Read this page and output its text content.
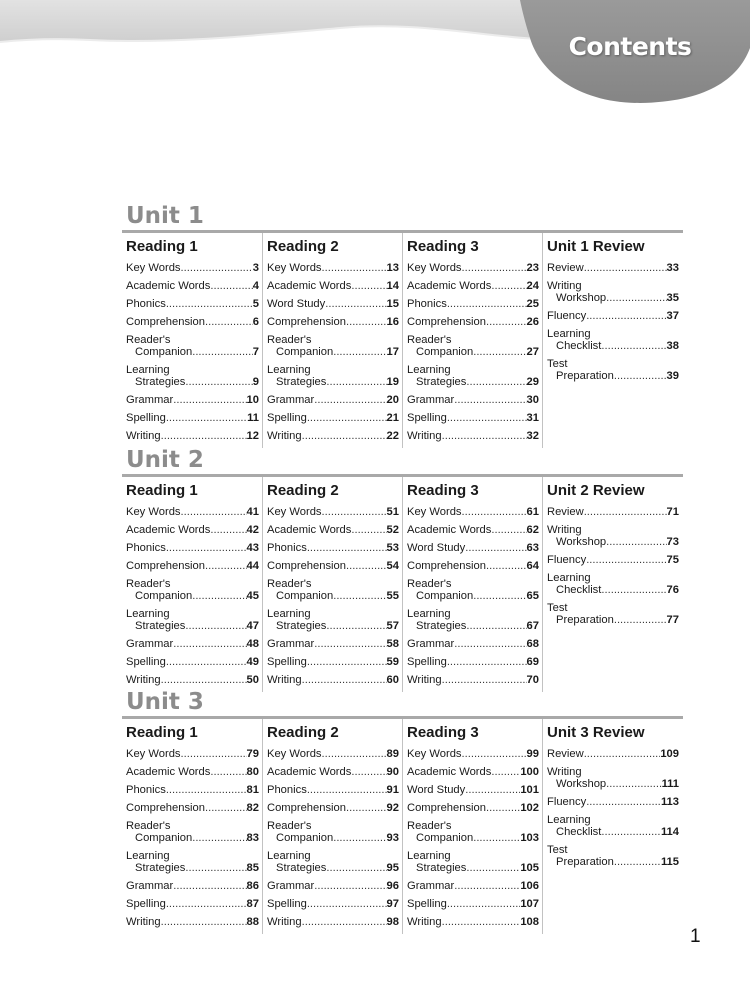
Contents
Unit 1
Reading 1
Key Words .....	3
Academic Words .....	4
Phonics .....	5
Comprehension .....	6
Reader's
Companion .....	7
Learning
Strategies .....	9
Grammar .....	10
Spelling .....	11
Writing .....	12
Reading 2
Key Words .....	13
Academic Words .....	14
Word Study .....	15
Comprehension .....	16
Reader's
Companion .....	17
Learning
Strategies .....	19
Grammar .....	20
Spelling .....	21
Writing .....	22
Reading 3
Key Words .....	23
Academic Words .....	24
Phonics .....	25
Comprehension .....	26
Reader's
Companion .....	27
Learning
Strategies .....	29
Grammar .....	30
Spelling .....	31
Writing .....	32
Unit 1 Review
Review .....	33
Writing
Workshop .....	35
Fluency .....	37
Learning
Checklist .....	38
Test
Preparation .....	39
Unit 2
Reading 1
Key Words .....	41
Academic Words .....	42
Phonics .....	43
Comprehension .....	44
Reader's
Companion .....	45
Learning
Strategies .....	47
Grammar .....	48
Spelling .....	49
Writing .....	50
Reading 2
Key Words .....	51
Academic Words .....	52
Phonics .....	53
Comprehension .....	54
Reader's
Companion .....	55
Learning
Strategies .....	57
Grammar .....	58
Spelling .....	59
Writing .....	60
Reading 3
Key Words .....	61
Academic Words .....	62
Word Study .....	63
Comprehension .....	64
Reader's
Companion .....	65
Learning
Strategies .....	67
Grammar .....	68
Spelling .....	69
Writing .....	70
Unit 2 Review
Review .....	71
Writing
Workshop .....	73
Fluency .....	75
Learning
Checklist .....	76
Test
Preparation .....	77
Unit 3
Reading 1
Key Words .....	79
Academic Words .....	80
Phonics .....	81
Comprehension .....	82
Reader's
Companion .....	83
Learning
Strategies .....	85
Grammar .....	86
Spelling .....	87
Writing .....	88
Reading 2
Key Words .....	89
Academic Words .....	90
Phonics .....	91
Comprehension .....	92
Reader's
Companion .....	93
Learning
Strategies .....	95
Grammar .....	96
Spelling .....	97
Writing .....	98
Reading 3
Key Words .....	99
Academic Words .....	100
Word Study .....	101
Comprehension .....	102
Reader's
Companion .....	103
Learning
Strategies .....	105
Grammar .....	106
Spelling .....	107
Writing .....	108
Unit 3 Review
Review .....	109
Writing
Workshop .....	111
Fluency .....	113
Learning
Checklist .....	114
Test
Preparation .....	115
1
